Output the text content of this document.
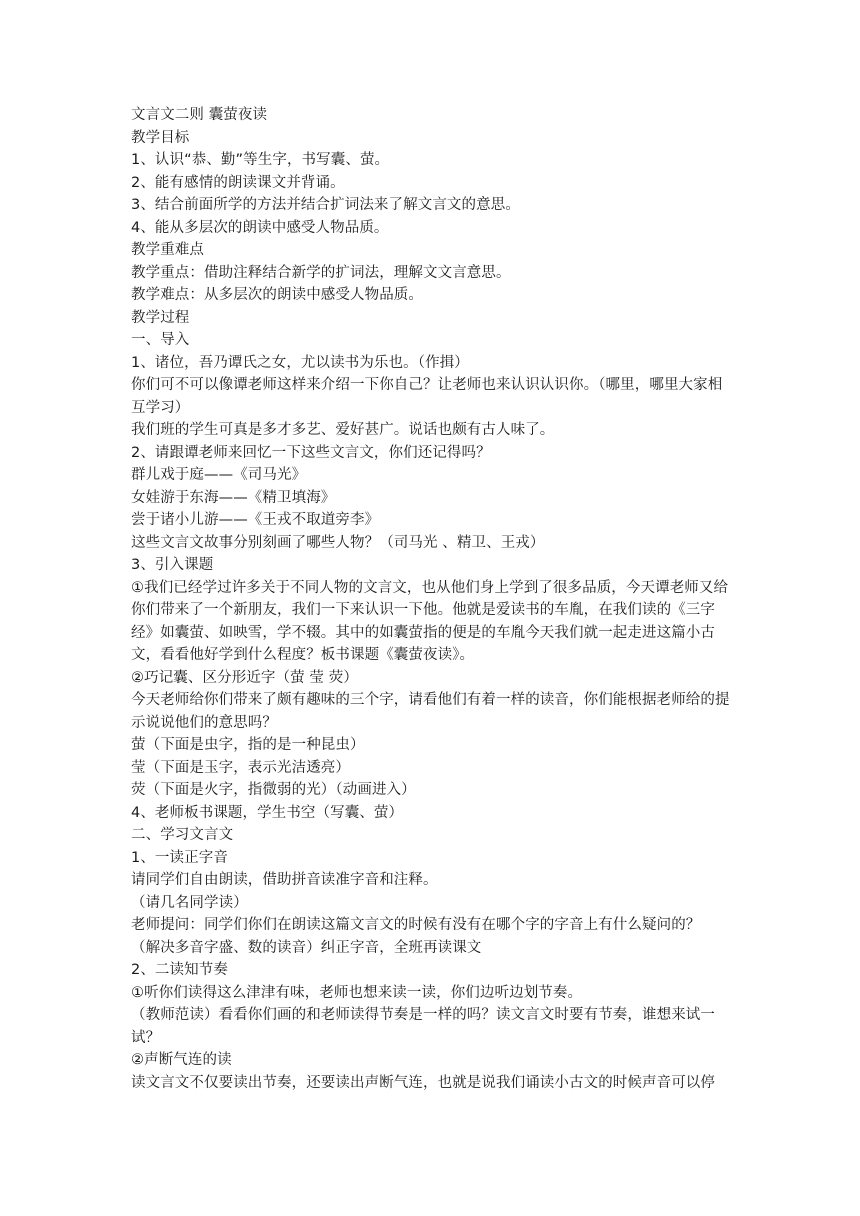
文言文二则 囊萤夜读
教学目标
1、认识“恭、勤”等生字，书写囊、萤。
2、能有感情的朗读课文并背诵。
3、结合前面所学的方法并结合扩词法来了解文言文的意思。
4、能从多层次的朗读中感受人物品质。
教学重难点
教学重点：借助注释结合新学的扩词法，理解文文言意思。
教学难点：从多层次的朗读中感受人物品质。
教学过程
一、导入
1、诸位，吾乃谭氏之女，尤以读书为乐也。（作揖）
你们可不可以像谭老师这样来介绍一下你自己？让老师也来认识认识你。（哪里，哪里大家相互学习）
我们班的学生可真是多才多艺、爱好甚广。说话也颇有古人味了。
2、请跟谭老师来回忆一下这些文言文，你们还记得吗？
群儿戏于庭——《司马光》
女娃游于东海——《精卫填海》
尝于诸小儿游——《王戎不取道旁李》
这些文言文故事分别刻画了哪些人物？（司马光 、精卫、王戎）
3、引入课题
①我们已经学过许多关于不同人物的文言文，也从他们身上学到了很多品质，今天谭老师又给你们带来了一个新朋友，我们一下来认识一下他。他就是爱读书的车胤，在我们读的《三字经》如囊萤、如映雪，学不辍。其中的如囊萤指的便是的车胤今天我们就一起走进这篇小古文，看看他好学到什么程度？板书课题《囊萤夜读》。
②巧记囊、区分形近字（萤 莹 荧）
今天老师给你们带来了颇有趣味的三个字，请看他们有着一样的读音，你们能根据老师给的提示说说他们的意思吗？
萤（下面是虫字，指的是一种昆虫）
莹（下面是玉字，表示光洁透亮）
荧（下面是火字，指微弱的光）（动画进入）
4、老师板书课题，学生书空（写囊、萤）
二、学习文言文
1、一读正字音
请同学们自由朗读，借助拼音读准字音和注释。
（请几名同学读）
老师提问：同学们你们在朗读这篇文言文的时候有没有在哪个字的字音上有什么疑问的？
（解决多音字盛、数的读音）纠正字音，全班再读课文
2、二读知节奏
①听你们读得这么津津有味，老师也想来读一读，你们边听边划节奏。
（教师范读）看看你们画的和老师读得节奏是一样的吗？读文言文时要有节奏，谁想来试一试？
②声断气连的读
读文言文不仅要读出节奏，还要读出声断气连，也就是说我们诵读小古文的时候声音可以停
